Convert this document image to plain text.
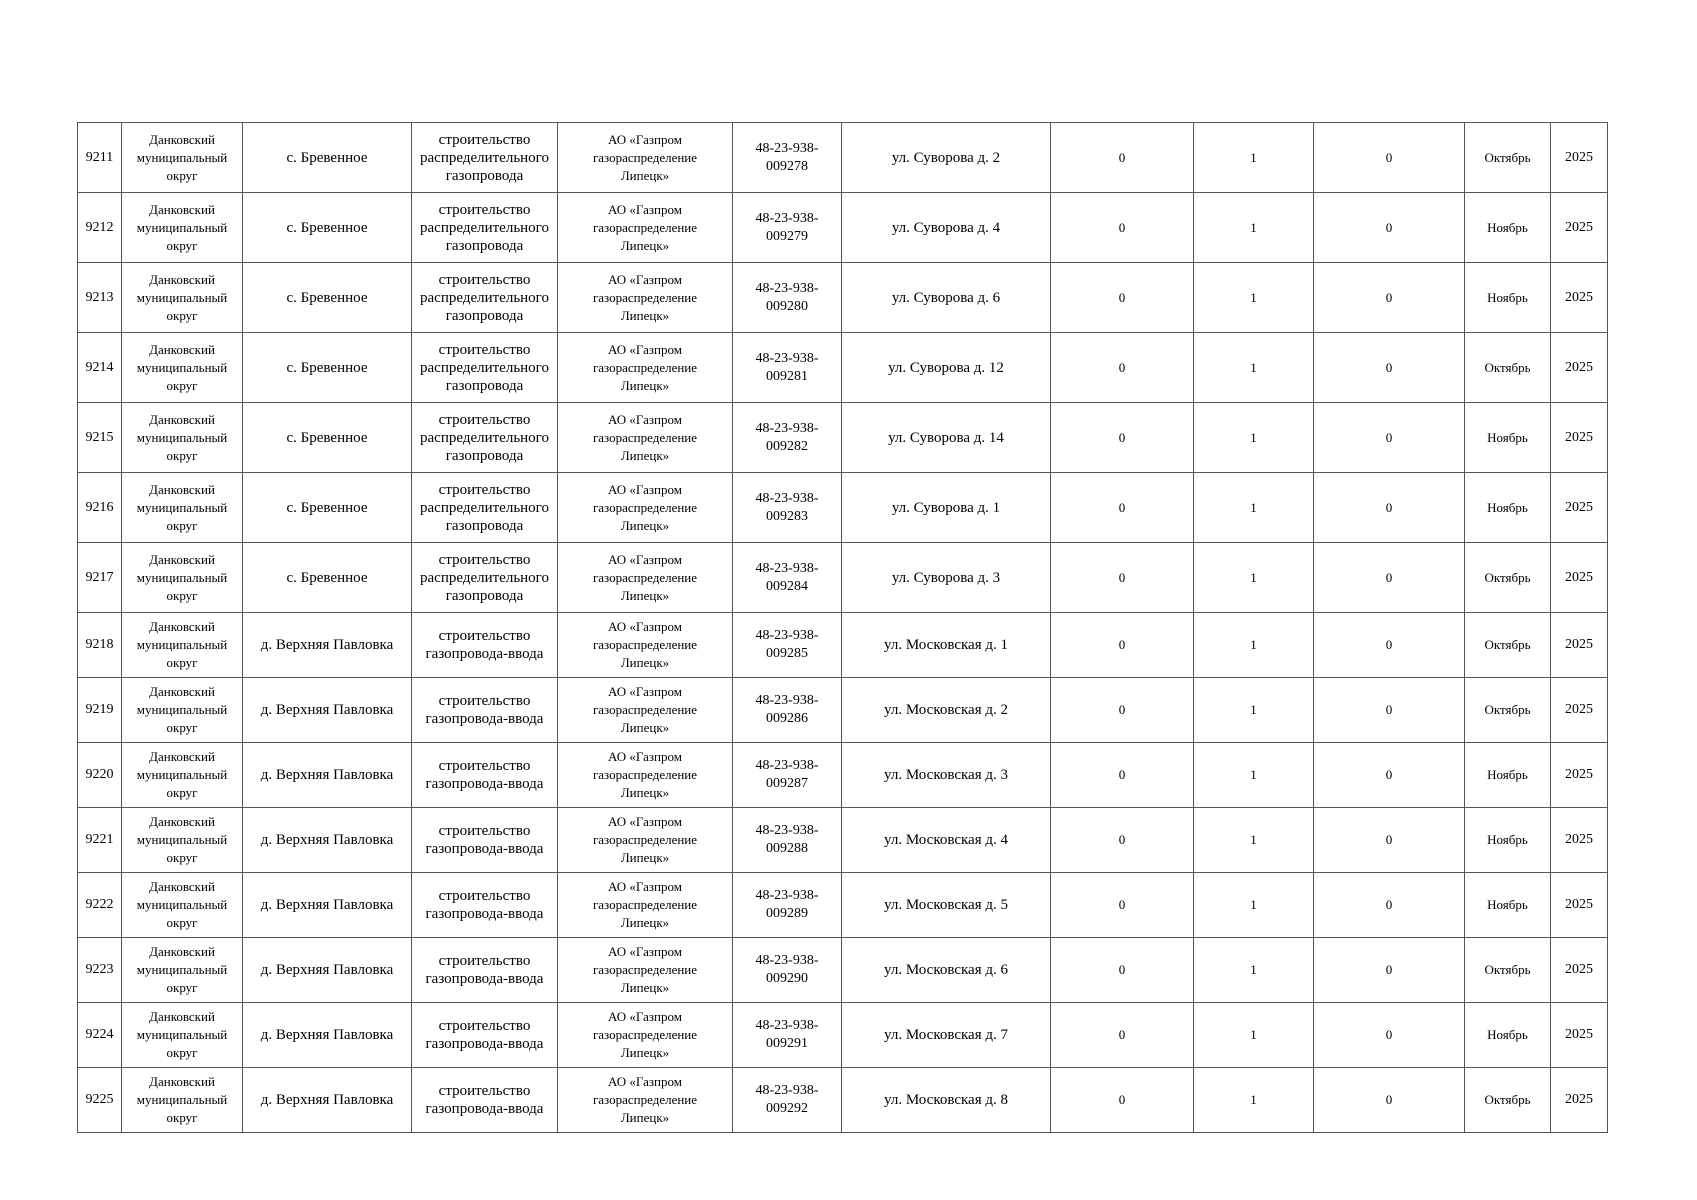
9211	Данковский
муниципальный
округ	с. Бревенное	строительство
распределительного
газопровода	АО «Газпром
газораспределение
Липецк»	48-23-938-
009278	ул. Суворова д. 2	0	1	0	Октябрь	2025
9212	Данковский
муниципальный
округ	с. Бревенное	строительство
распределительного
газопровода	АО «Газпром
газораспределение
Липецк»	48-23-938-
009279	ул. Суворова д. 4	0	1	0	Ноябрь	2025
9213	Данковский
муниципальный
округ	с. Бревенное	строительство
распределительного
газопровода	АО «Газпром
газораспределение
Липецк»	48-23-938-
009280	ул. Суворова д. 6	0	1	0	Ноябрь	2025
9214	Данковский
муниципальный
округ	с. Бревенное	строительство
распределительного
газопровода	АО «Газпром
газораспределение
Липецк»	48-23-938-
009281	ул. Суворова д. 12	0	1	0	Октябрь	2025
9215	Данковский
муниципальный
округ	с. Бревенное	строительство
распределительного
газопровода	АО «Газпром
газораспределение
Липецк»	48-23-938-
009282	ул. Суворова д. 14	0	1	0	Ноябрь	2025
9216	Данковский
муниципальный
округ	с. Бревенное	строительство
распределительного
газопровода	АО «Газпром
газораспределение
Липецк»	48-23-938-
009283	ул. Суворова д. 1	0	1	0	Ноябрь	2025
9217	Данковский
муниципальный
округ	с. Бревенное	строительство
распределительного
газопровода	АО «Газпром
газораспределение
Липецк»	48-23-938-
009284	ул. Суворова д. 3	0	1	0	Октябрь	2025
9218	Данковский
муниципальный
округ	д. Верхняя Павловка	строительство
газопровода-ввода	АО «Газпром
газораспределение
Липецк»	48-23-938-
009285	ул. Московская д. 1	0	1	0	Октябрь	2025
9219	Данковский
муниципальный
округ	д. Верхняя Павловка	строительство
газопровода-ввода	АО «Газпром
газораспределение
Липецк»	48-23-938-
009286	ул. Московская д. 2	0	1	0	Октябрь	2025
9220	Данковский
муниципальный
округ	д. Верхняя Павловка	строительство
газопровода-ввода	АО «Газпром
газораспределение
Липецк»	48-23-938-
009287	ул. Московская д. 3	0	1	0	Ноябрь	2025
9221	Данковский
муниципальный
округ	д. Верхняя Павловка	строительство
газопровода-ввода	АО «Газпром
газораспределение
Липецк»	48-23-938-
009288	ул. Московская д. 4	0	1	0	Ноябрь	2025
9222	Данковский
муниципальный
округ	д. Верхняя Павловка	строительство
газопровода-ввода	АО «Газпром
газораспределение
Липецк»	48-23-938-
009289	ул. Московская д. 5	0	1	0	Ноябрь	2025
9223	Данковский
муниципальный
округ	д. Верхняя Павловка	строительство
газопровода-ввода	АО «Газпром
газораспределение
Липецк»	48-23-938-
009290	ул. Московская д. 6	0	1	0	Октябрь	2025
9224	Данковский
муниципальный
округ	д. Верхняя Павловка	строительство
газопровода-ввода	АО «Газпром
газораспределение
Липецк»	48-23-938-
009291	ул. Московская д. 7	0	1	0	Ноябрь	2025
9225	Данковский
муниципальный
округ	д. Верхняя Павловка	строительство
газопровода-ввода	АО «Газпром
газораспределение
Липецк»	48-23-938-
009292	ул. Московская д. 8	0	1	0	Октябрь	2025
